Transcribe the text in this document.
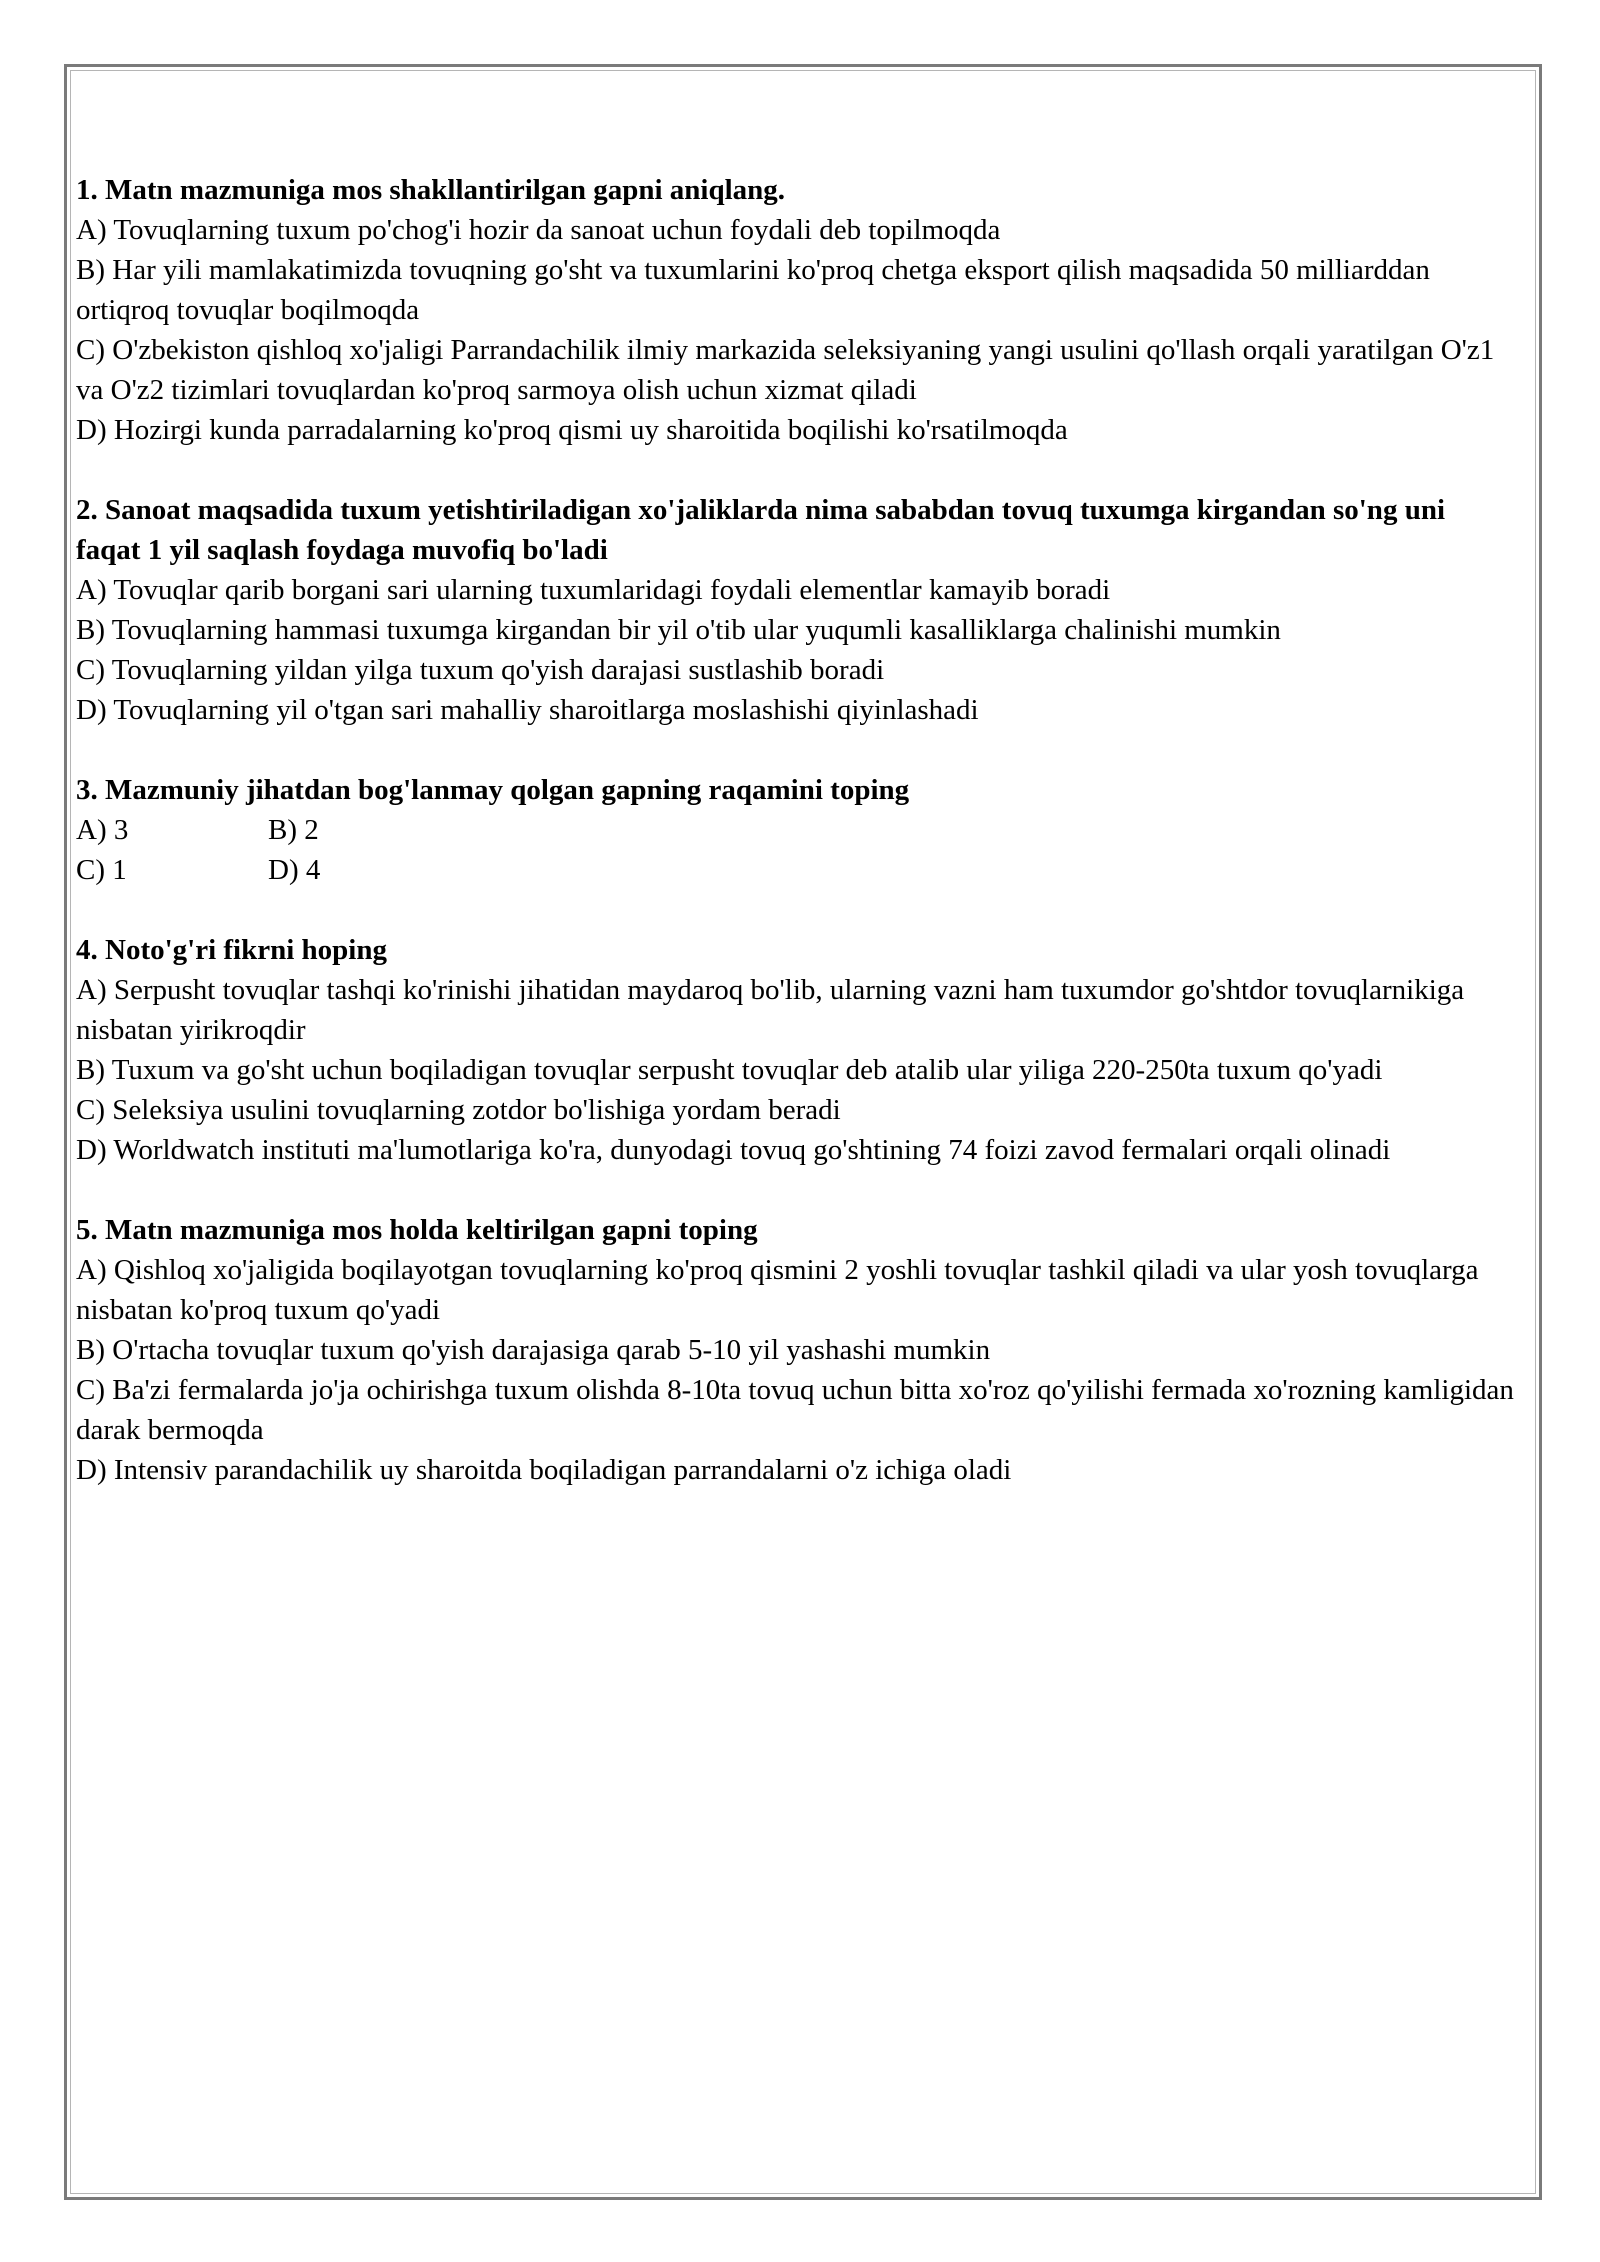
1. Matn mazmuniga mos shakllantirilgan gapni aniqlang.

A) Tovuqlarning tuxum po'chog'i hozir da sanoat uchun foydali deb topilmoqda

B) Har yili mamlakatimizda tovuqning go'sht va tuxumlarini ko'proq chetga eksport qilish maqsadida 50 milliarddan ortiqroq tovuqlar boqilmoqda

C) O'zbekiston qishloq xo'jaligi Parrandachilik ilmiy markazida seleksiyaning yangi usulini qo'llash orqali yaratilgan O'z1 va O'z2 tizimlari tovuqlardan ko'proq sarmoya olish uchun xizmat qiladi

D) Hozirgi kunda parradalarning ko'proq qismi uy sharoitida boqilishi ko'rsatilmoqda

2. Sanoat maqsadida tuxum yetishtiriladigan xo'jaliklarda nima sababdan tovuq tuxumga kirgandan so'ng uni faqat 1 yil saqlash foydaga muvofiq bo'ladi

A) Tovuqlar qarib borgani sari ularning tuxumlaridagi foydali elementlar kamayib boradi

B) Tovuqlarning hammasi tuxumga kirgandan bir yil o'tib ular yuqumli kasalliklarga chalinishi mumkin

C) Tovuqlarning yildan yilga tuxum qo'yish darajasi sustlashib boradi

D) Tovuqlarning yil o'tgan sari mahalliy sharoitlarga moslashishi qiyinlashadi

3. Mazmuniy jihatdan bog'lanmay qolgan gapning raqamini toping

A) 3	B) 2
C) 1	D) 4

4. Noto'g'ri fikrni hoping

A) Serpusht tovuqlar tashqi ko'rinishi jihatidan maydaroq bo'lib, ularning vazni ham tuxumdor go'shtdor tovuqlarnikiga nisbatan yirikroqdir

B) Tuxum va go'sht uchun boqiladigan tovuqlar serpusht tovuqlar deb atalib ular yiliga 220-250ta tuxum qo'yadi

C) Seleksiya usulini tovuqlarning zotdor bo'lishiga yordam beradi

D) Worldwatch instituti ma'lumotlariga ko'ra, dunyodagi tovuq go'shtining 74 foizi zavod fermalari orqali olinadi

5. Matn mazmuniga mos holda keltirilgan gapni toping

A) Qishloq xo'jaligida boqilayotgan tovuqlarning ko'proq qismini 2 yoshli tovuqlar tashkil qiladi va ular yosh tovuqlarga nisbatan ko'proq tuxum qo'yadi

B) O'rtacha tovuqlar tuxum qo'yish darajasiga qarab 5-10 yil yashashi mumkin

C) Ba'zi fermalarda jo'ja ochirishga tuxum olishda 8-10ta tovuq uchun bitta xo'roz qo'yilishi fermada xo'rozning kamligidan darak bermoqda

D) Intensiv parandachilik uy sharoitda boqiladigan parrandalarni o'z ichiga oladi
